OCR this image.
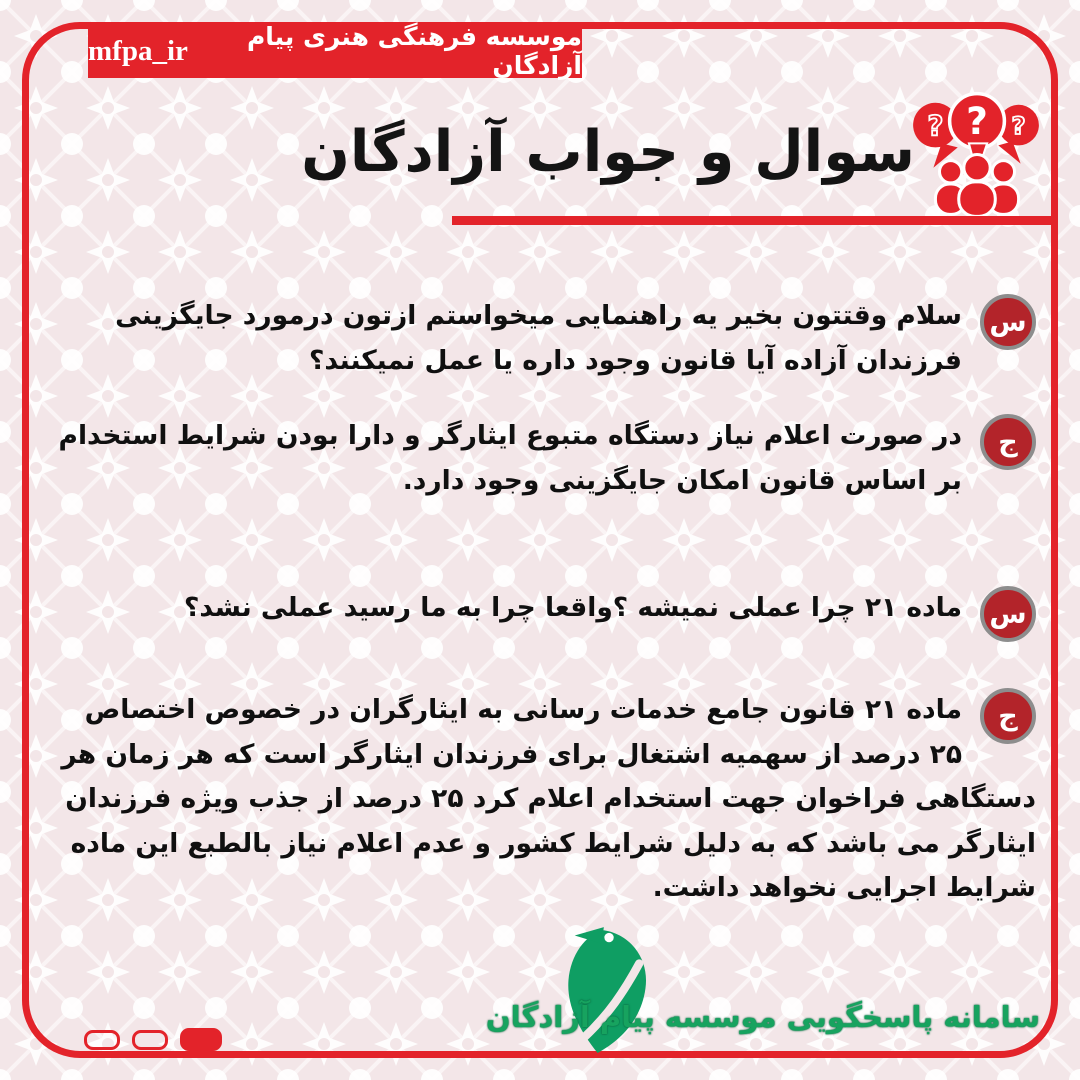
موسسه فرهنگی هنری پیام آزادگان
mfpa_ir
سوال و جواب آزادگان ?	?
?
س

سلام وقتتون بخیر یه راهنمایی میخواستم ازتون درمورد جایگزینی فرزندان آزاده آیا قانون وجود داره یا عمل نمیکنند؟

ج

در صورت اعلام نیاز دستگاه متبوع ایثارگر و دارا بودن شرایط استخدام بر اساس قانون امکان جایگزینی وجود دارد.

س

ماده ۲۱ چرا عملی نمیشه ؟واقعا چرا به ما رسید عملی نشد؟

ج

ماده ۲۱ قانون جامع خدمات رسانی به ایثارگران در خصوص اختصاص ۲۵ درصد از سهمیه اشتغال برای فرزندان ایثارگر است که هر زمان هر دستگاهی فراخوان جهت استخدام اعلام کرد ۲۵ درصد از جذب ویژه فرزندان ایثارگر می باشد که به دلیل شرایط کشور و عدم اعلام نیاز بالطبع این ماده شرایط اجرایی نخواهد داشت.

سامانه پاسخگویی موسسه پیام آزادگان
